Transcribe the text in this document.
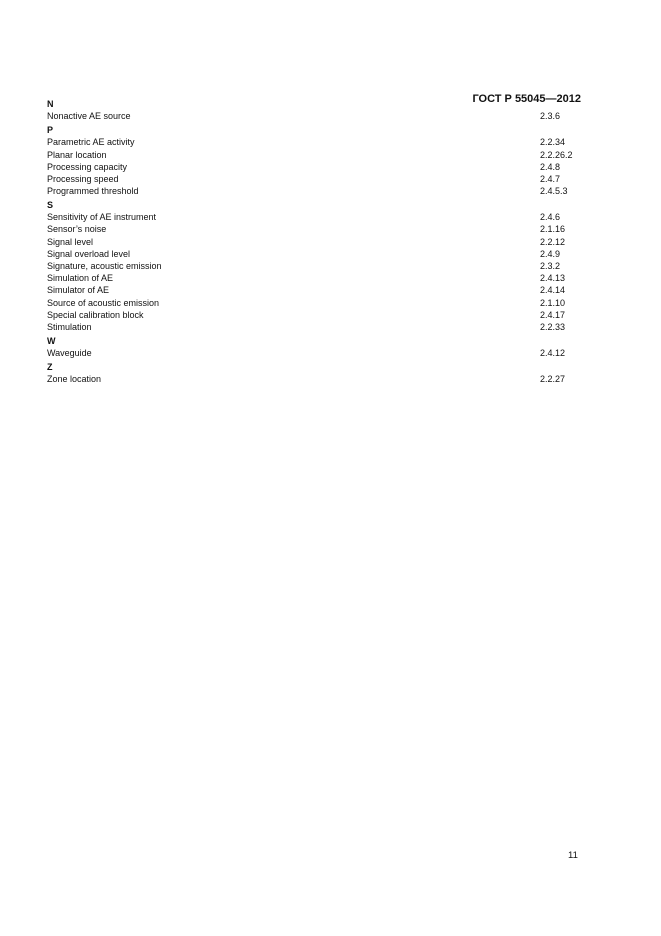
ГОСТ Р 55045—2012
N
Nonactive AE source	2.3.6
P
Parametric AE activity	2.2.34
Planar location	2.2.26.2
Processing capacity	2.4.8
Processing speed	2.4.7
Programmed threshold	2.4.5.3
S
Sensitivity of AE instrument	2.4.6
Sensor’s noise	2.1.16
Signal level	2.2.12
Signal overload level	2.4.9
Signature, acoustic emission	2.3.2
Simulation of AE	2.4.13
Simulator of AE	2.4.14
Source of acoustic emission	2.1.10
Special calibration block	2.4.17
Stimulation	2.2.33
W
Waveguide	2.4.12
Z
Zone location	2.2.27
11
